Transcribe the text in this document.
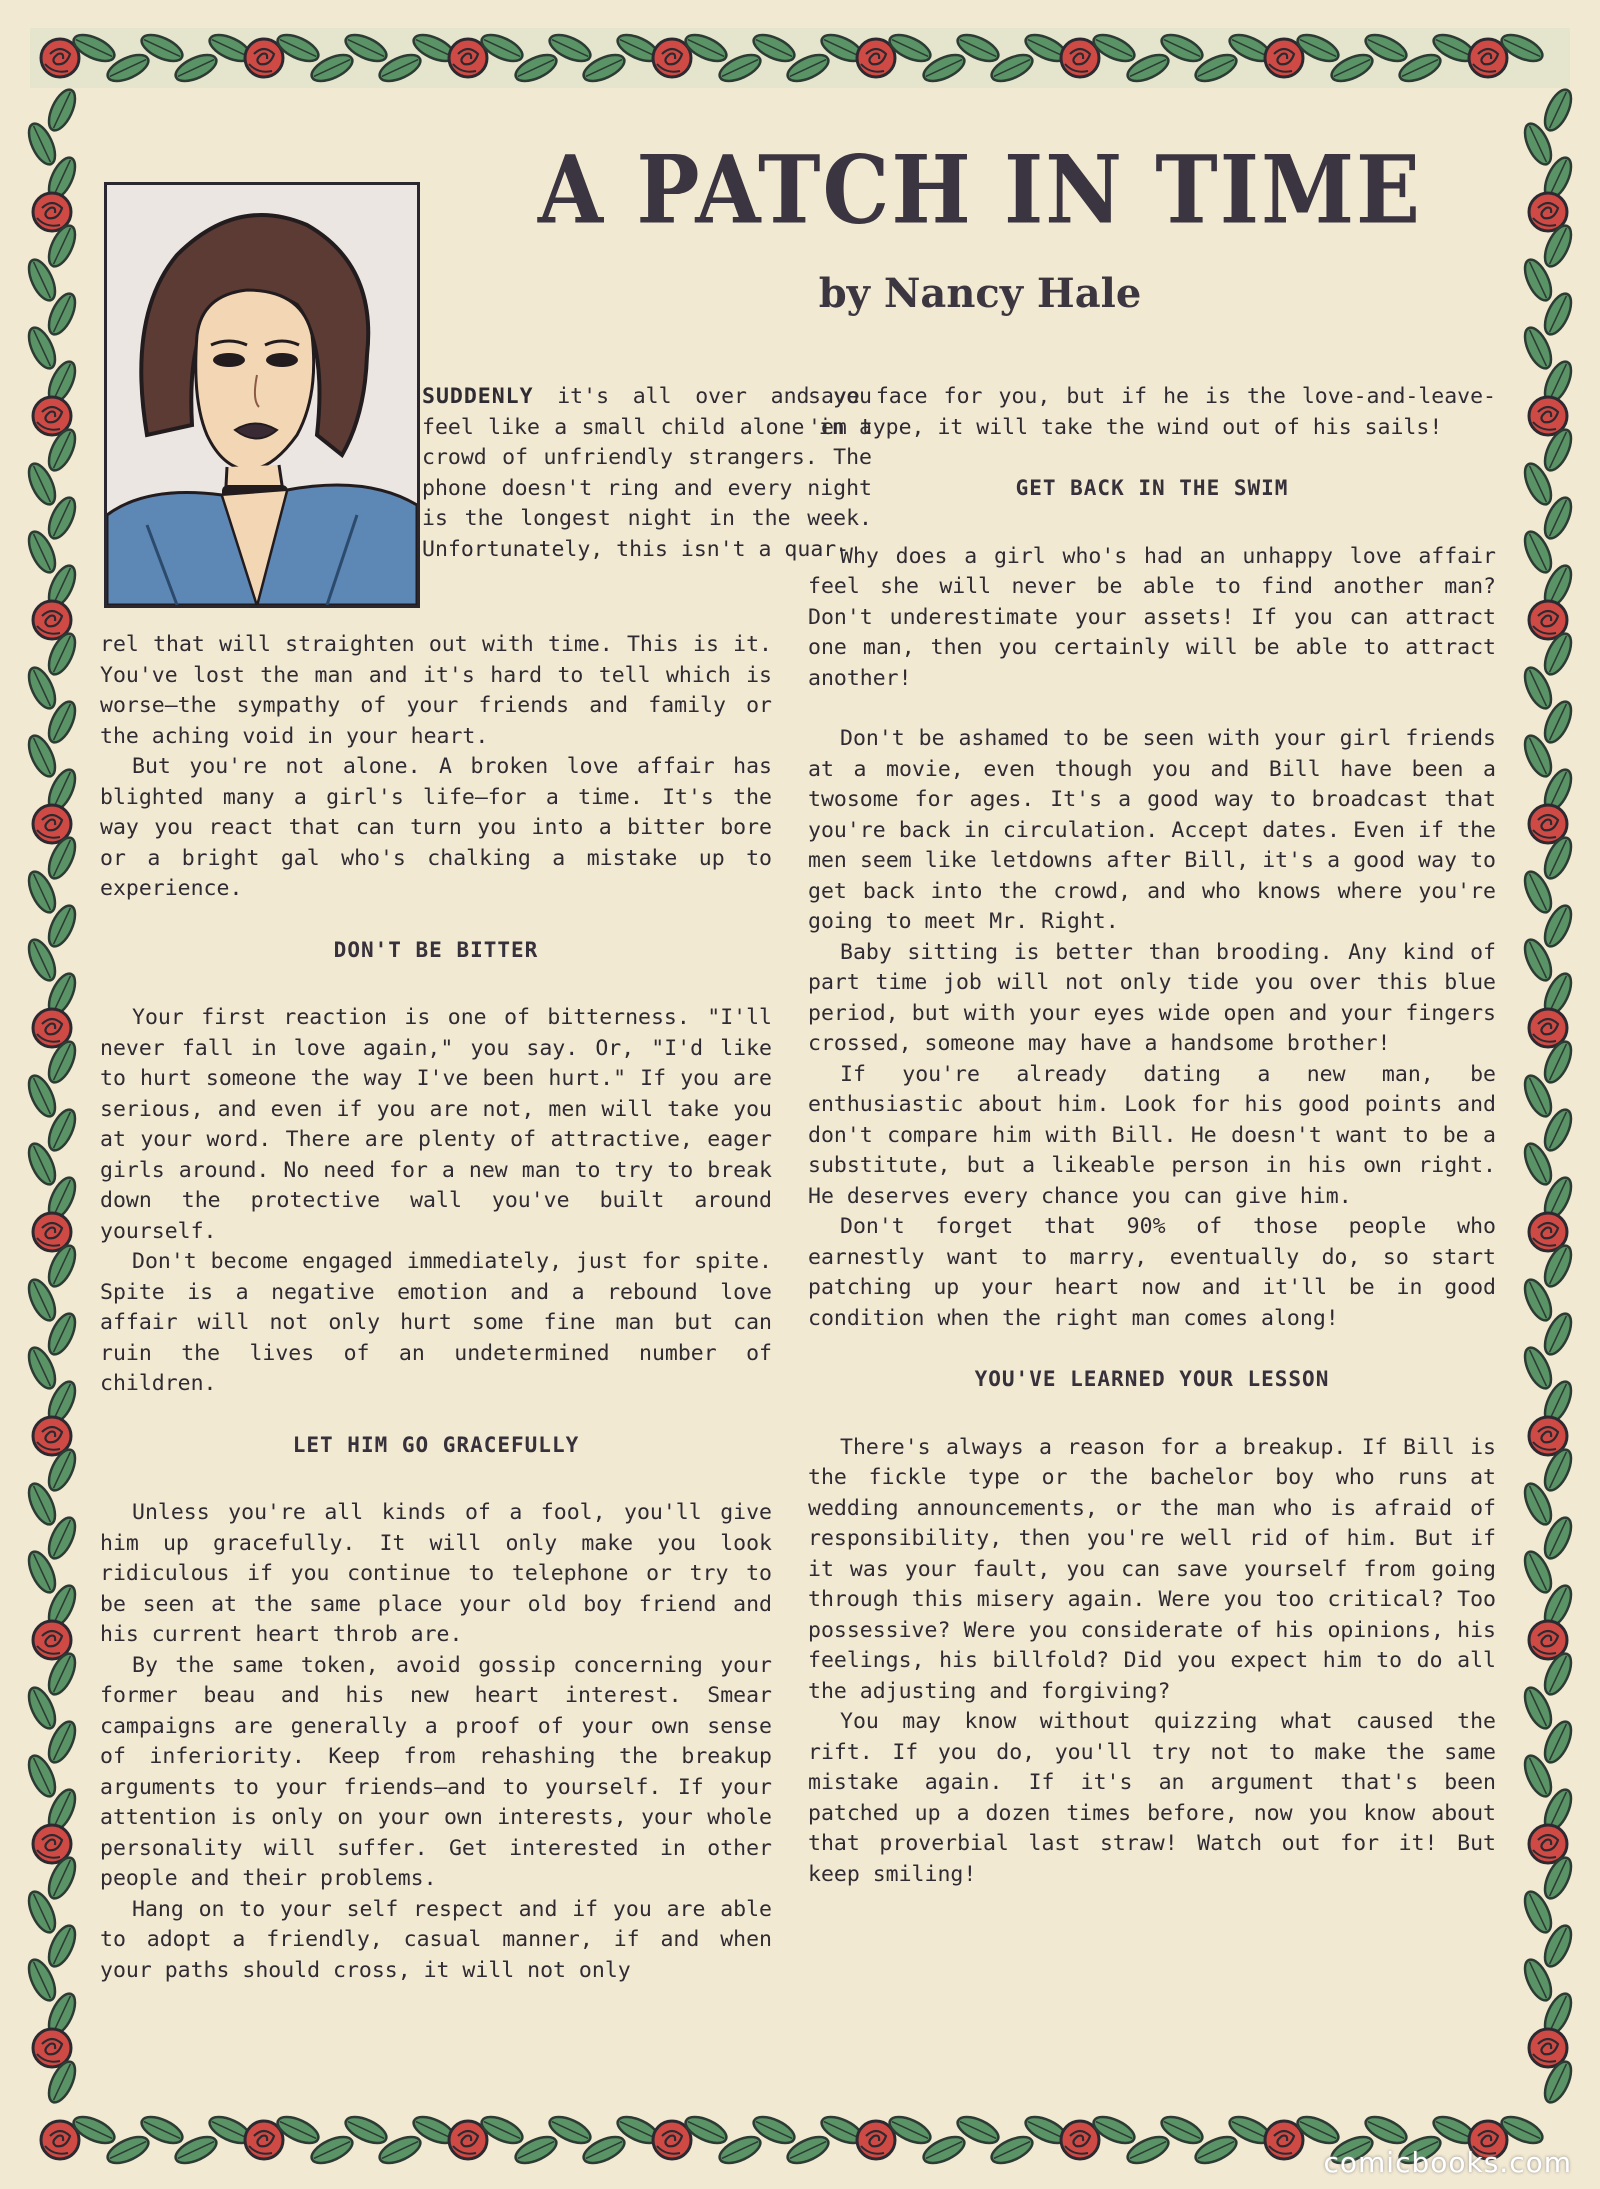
A PATCH IN TIME
by Nancy Hale

SUDDENLY it's all over and you feel like a small child alone in a crowd of unfriendly strangers. The phone doesn't ring and every night is the longest night in the week. Unfortunately, this isn't a quar-

rel that will straighten out with time. This is it. You've lost the man and it's hard to tell which is worse—the sympathy of your friends and family or the aching void in your heart.

But you're not alone. A broken love affair has blighted many a girl's life—for a time. It's the way you react that can turn you into a bitter bore or a bright gal who's chalking a mistake up to experience.

DON'T BE BITTER

Your first reaction is one of bitterness. "I'll never fall in love again," you say. Or, "I'd like to hurt someone the way I've been hurt." If you are serious, and even if you are not, men will take you at your word. There are plenty of attractive, eager girls around. No need for a new man to try to break down the protective wall you've built around yourself.

Don't become engaged immediately, just for spite. Spite is a negative emotion and a rebound love affair will not only hurt some fine man but can ruin the lives of an undetermined number of children.

LET HIM GO GRACEFULLY

Unless you're all kinds of a fool, you'll give him up gracefully. It will only make you look ridiculous if you continue to telephone or try to be seen at the same place your old boy friend and his current heart throb are.

By the same token, avoid gossip concerning your former beau and his new heart interest. Smear campaigns are generally a proof of your own sense of inferiority. Keep from rehashing the breakup arguments to your friends—and to yourself. If your attention is only on your own interests, your whole personality will suffer. Get interested in other people and their problems.

Hang on to your self respect and if you are able to adopt a friendly, casual manner, if and when your paths should cross, it will not only

save face for you, but if he is the love-and-leave-'em type, it will take the wind out of his sails!

GET BACK IN THE SWIM

Why does a girl who's had an unhappy love affair feel she will never be able to find another man? Don't underestimate your assets! If you can attract one man, then you certainly will be able to attract another!

Don't be ashamed to be seen with your girl friends at a movie, even though you and Bill have been a twosome for ages. It's a good way to broadcast that you're back in circulation. Accept dates. Even if the men seem like letdowns after Bill, it's a good way to get back into the crowd, and who knows where you're going to meet Mr. Right.

Baby sitting is better than brooding. Any kind of part time job will not only tide you over this blue period, but with your eyes wide open and your fingers crossed, someone may have a handsome brother!

If you're already dating a new man, be enthusiastic about him. Look for his good points and don't compare him with Bill. He doesn't want to be a substitute, but a likeable person in his own right. He deserves every chance you can give him.

Don't forget that 90% of those people who earnestly want to marry, eventually do, so start patching up your heart now and it'll be in good condition when the right man comes along!

YOU'VE LEARNED YOUR LESSON

There's always a reason for a breakup. If Bill is the fickle type or the bachelor boy who runs at wedding announcements, or the man who is afraid of responsibility, then you're well rid of him. But if it was your fault, you can save yourself from going through this misery again. Were you too critical? Too possessive? Were you considerate of his opinions, his feelings, his billfold? Did you expect him to do all the adjusting and forgiving?

You may know without quizzing what caused the rift. If you do, you'll try not to make the same mistake again. If it's an argument that's been patched up a dozen times before, now you know about that proverbial last straw! Watch out for it! But keep smiling!

comicbooks.com
